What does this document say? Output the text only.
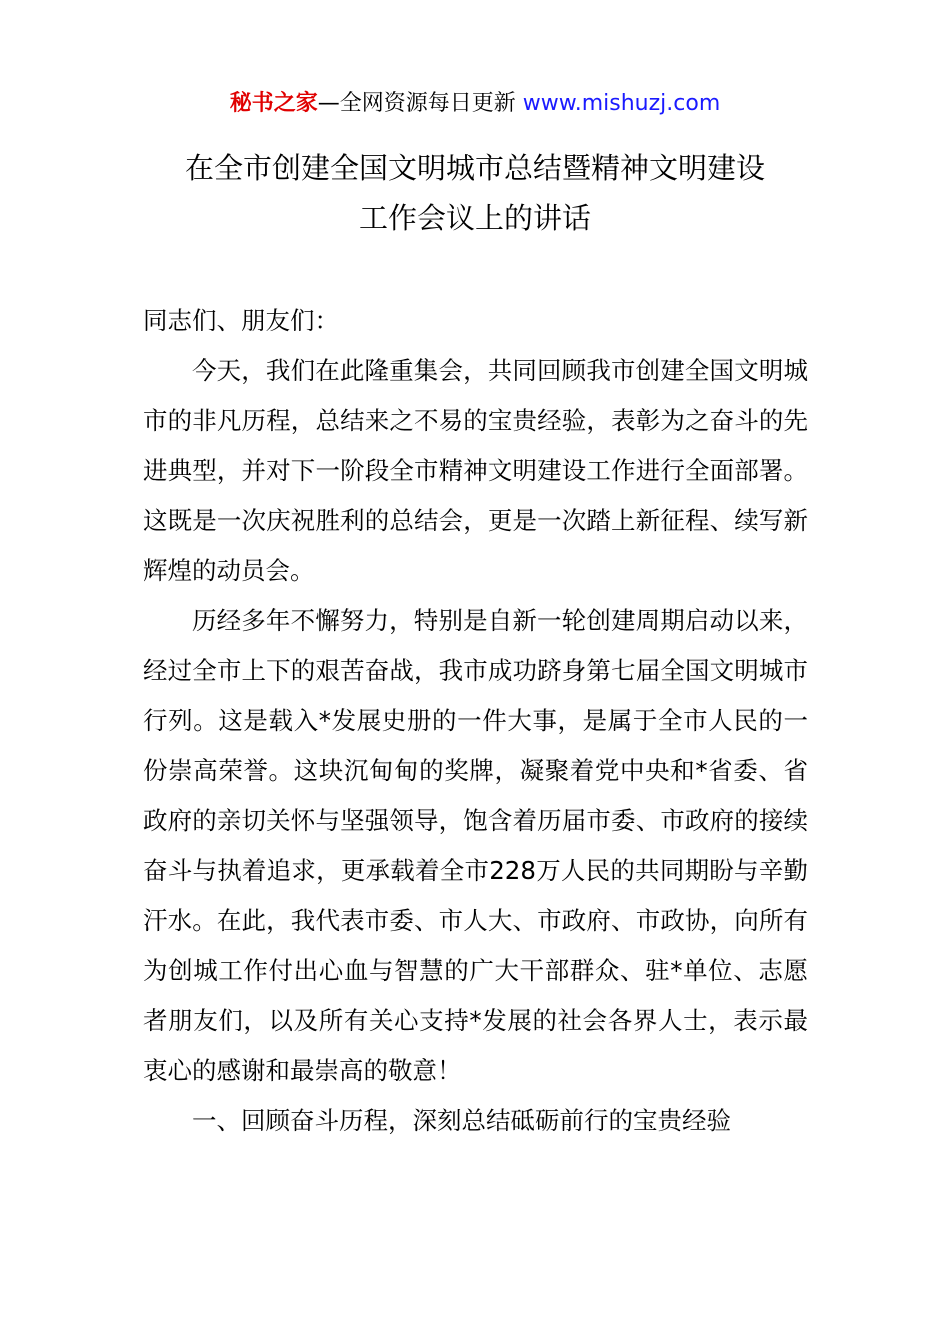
秘书之家—全网资源每日更新 www.mishuzj.com
在全市创建全国文明城市总结暨精神文明建设
工作会议上的讲话

同志们、朋友们：

今天，我们在此隆重集会，共同回顾我市创建全国文明城市的非凡历程，总结来之不易的宝贵经验，表彰为之奋斗的先进典型，并对下一阶段全市精神文明建设工作进行全面部署。这既是一次庆祝胜利的总结会，更是一次踏上新征程、续写新辉煌的动员会。

历经多年不懈努力，特别是自新一轮创建周期启动以来，经过全市上下的艰苦奋战，我市成功跻身第七届全国文明城市行列。这是载入*发展史册的一件大事，是属于全市人民的一份崇高荣誉。这块沉甸甸的奖牌，凝聚着党中央和*省委、省政府的亲切关怀与坚强领导，饱含着历届市委、市政府的接续奋斗与执着追求，更承载着全市228万人民的共同期盼与辛勤汗水。在此，我代表市委、市人大、市政府、市政协，向所有为创城工作付出心血与智慧的广大干部群众、驻*单位、志愿者朋友们，以及所有关心支持*发展的社会各界人士，表示最衷心的感谢和最崇高的敬意！

一、回顾奋斗历程，深刻总结砥砺前行的宝贵经验
